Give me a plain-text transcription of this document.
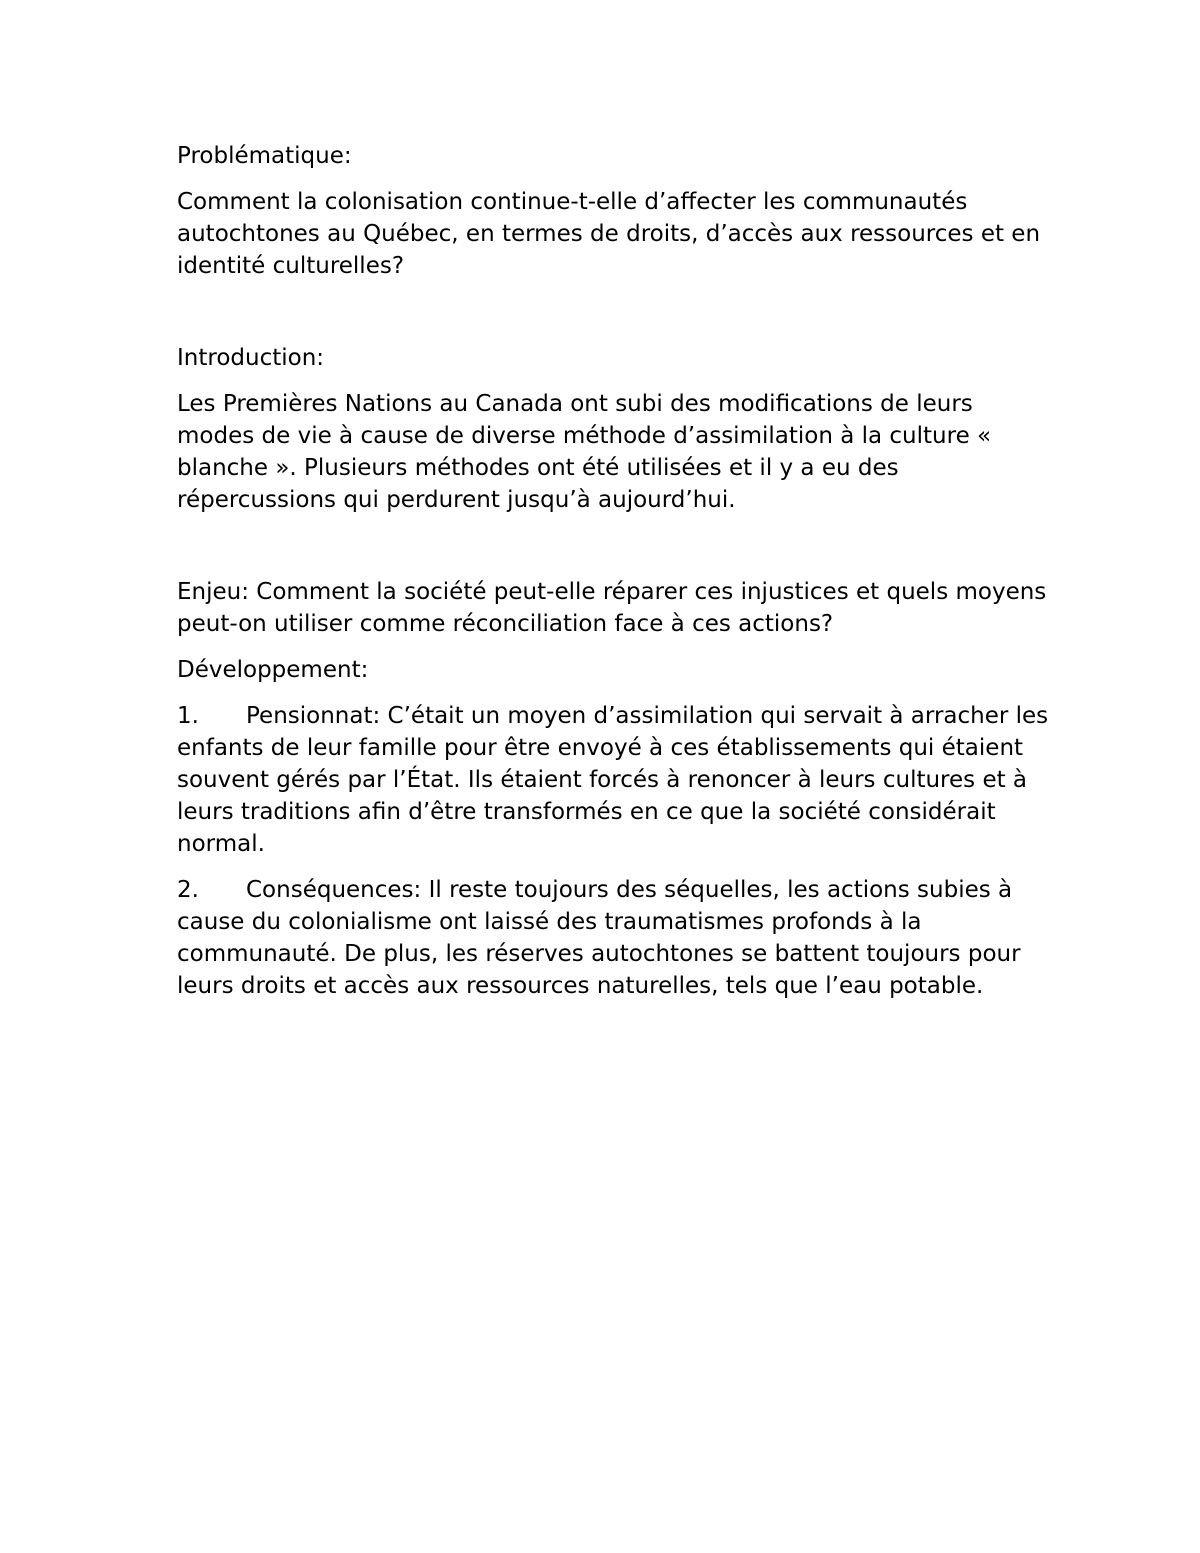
Problématique:

Comment la colonisation continue-t-elle d’affecter les communautés autochtones au Québec, en termes de droits, d’accès aux ressources et en identité culturelles?

Introduction:

Les Premières Nations au Canada ont subi des modifications de leurs modes de vie à cause de diverse méthode d’assimilation à la culture « blanche ». Plusieurs méthodes ont été utilisées et il y a eu des répercussions qui perdurent jusqu’à aujourd’hui.

Enjeu: Comment la société peut-elle réparer ces injustices et quels moyens peut-on utiliser comme réconciliation face à ces actions?

Développement:

1. Pensionnat: C’était un moyen d’assimilation qui servait à arracher les enfants de leur famille pour être envoyé à ces établissements qui étaient souvent gérés par l’État. Ils étaient forcés à renoncer à leurs cultures et à leurs traditions afin d’être transformés en ce que la société considérait normal.

2. Conséquences: Il reste toujours des séquelles, les actions subies à cause du colonialisme ont laissé des traumatismes profonds à la communauté. De plus, les réserves autochtones se battent toujours pour leurs droits et accès aux ressources naturelles, tels que l’eau potable.
